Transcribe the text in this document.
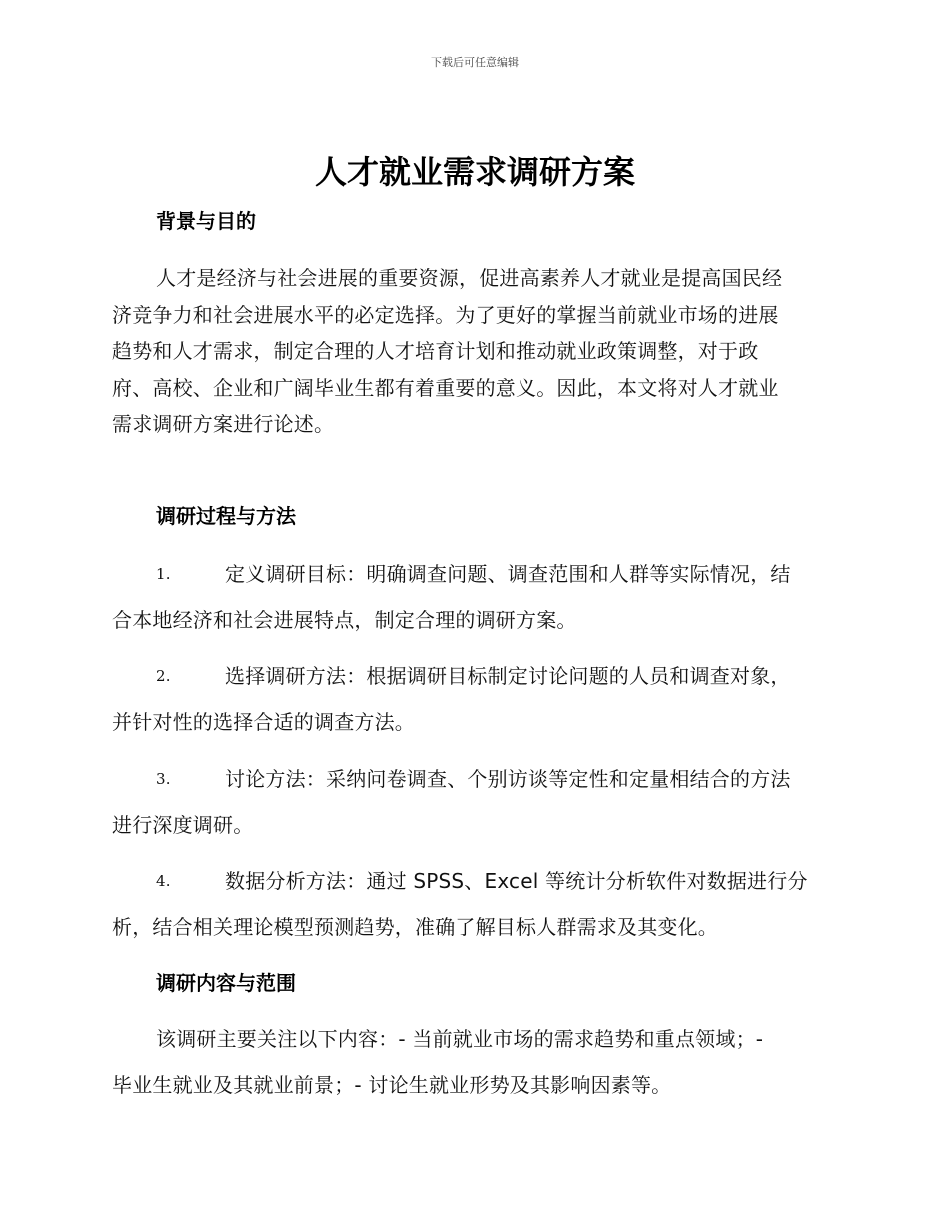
下载后可任意编辑
人才就业需求调研方案
背景与目的
人才是经济与社会进展的重要资源，促进高素养人才就业是提高国民经
济竞争力和社会进展水平的必定选择。为了更好的掌握当前就业市场的进展
趋势和人才需求，制定合理的人才培育计划和推动就业政策调整，对于政
府、高校、企业和广阔毕业生都有着重要的意义。因此，本文将对人才就业
需求调研方案进行论述。
调研过程与方法
1.	定义调研目标：明确调查问题、调查范围和人群等实际情况，结
合本地经济和社会进展特点，制定合理的调研方案。
2.	选择调研方法：根据调研目标制定讨论问题的人员和调查对象，
并针对性的选择合适的调查方法。
3.	讨论方法：采纳问卷调查、个别访谈等定性和定量相结合的方法
进行深度调研。
4.	数据分析方法：通过 SPSS、Excel 等统计分析软件对数据进行分
析，结合相关理论模型预测趋势，准确了解目标人群需求及其变化。
调研内容与范围
该调研主要关注以下内容：- 当前就业市场的需求趋势和重点领域；-
毕业生就业及其就业前景；- 讨论生就业形势及其影响因素等。
